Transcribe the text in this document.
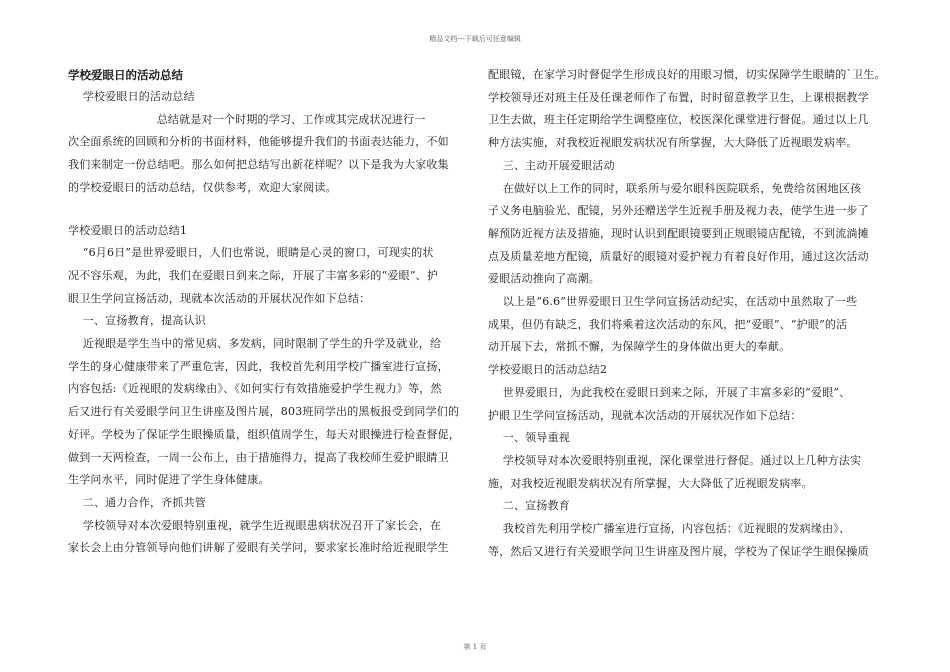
精品文档---下载后可任意编辑
学校爱眼日的活动总结
学校爱眼日的活动总结
总结就是对一个时期的学习、工作或其完成状况进行一
次全面系统的回顾和分析的书面材料，他能够提升我们的书面表达能力，不如
我们来制定一份总结吧。那么如何把总结写出新花样呢？以下是我为大家收集
的学校爱眼日的活动总结，仅供参考，欢迎大家阅读。
学校爱眼日的活动总结1
“6月6日”是世界爱眼日，人们也常说，眼睛是心灵的窗口，可现实的状
况不容乐观，为此，我们在爱眼日到来之际，开展了丰富多彩的“爱眼”、护
眼卫生学问宣扬活动，现就本次活动的开展状况作如下总结：
一、宣扬教育，提高认识
近视眼是学生当中的常见病、多发病，同时限制了学生的升学及就业，给
学生的身心健康带来了严重危害，因此，我校首先利用学校广播室进行宣扬，
内容包括:《近视眼的发病缘由》、《如何实行有效措施爱护学生视力》等，然
后又进行有关爱眼学问卫生讲座及图片展，803班同学出的黑板报受到同学们的
好评。学校为了保证学生眼操质量，组织值周学生，每天对眼操进行检查督促，
做到一天两检查，一周一公布上，由于措施得力，提高了我校师生爱护眼睛卫
生学问水平，同时促进了学生身体健康。
二、通力合作，齐抓共管
学校领导对本次爱眼特别重视，就学生近视眼患病状况召开了家长会，在
家长会上由分管领导向他们讲解了爱眼有关学问，要求家长准时给近视眼学生
配眼镜，在家学习时督促学生形成良好的用眼习惯，切实保障学生眼睛的`卫生。
学校领导还对班主任及任课老师作了布置，时时留意教学卫生，上课根据教学
卫生去做，班主任定期给学生调整座位，校医深化课堂进行督促。通过以上几
种方法实施，对我校近视眼发病状况有所掌握，大大降低了近视眼发病率。
三、主动开展爱眼活动
在做好以上工作的同时，联系所与爱尔眼科医院联系，免费给贫困地区孩
子义务电脑验光、配镜，另外还赠送学生近视手册及视力表，使学生进一步了
解预防近视方法及措施，现时认识到配眼镜要到正规眼镜店配镜，不到流淌摊
点及质量差地方配镜，质量好的眼镜对爱护视力有着良好作用，通过这次活动
爱眼活动推向了高潮。
以上是“6.6”世界爱眼日卫生学问宣扬活动纪实，在活动中虽然取了一些
成果，但仍有缺乏，我们将乘着这次活动的东风，把“爱眼”、“护眼”的活
动开展下去，常抓不懈，为保障学生的身体做出更大的奉献。
学校爱眼日的活动总结2
世界爱眼日，为此我校在爱眼日到来之际，开展了丰富多彩的“爱眼”、
护眼卫生学问宣扬活动，现就本次活动的开展状况作如下总结：
一、领导重视
学校领导对本次爱眼特别重视，深化课堂进行督促。通过以上几种方法实
施，对我校近视眼发病状况有所掌握，大大降低了近视眼发病率。
二、宣扬教育
我校首先利用学校广播室进行宣扬，内容包括：《近视眼的发病缘由》、
等，然后又进行有关爱眼学问卫生讲座及图片展，学校为了保证学生眼保操质
第 1 页
